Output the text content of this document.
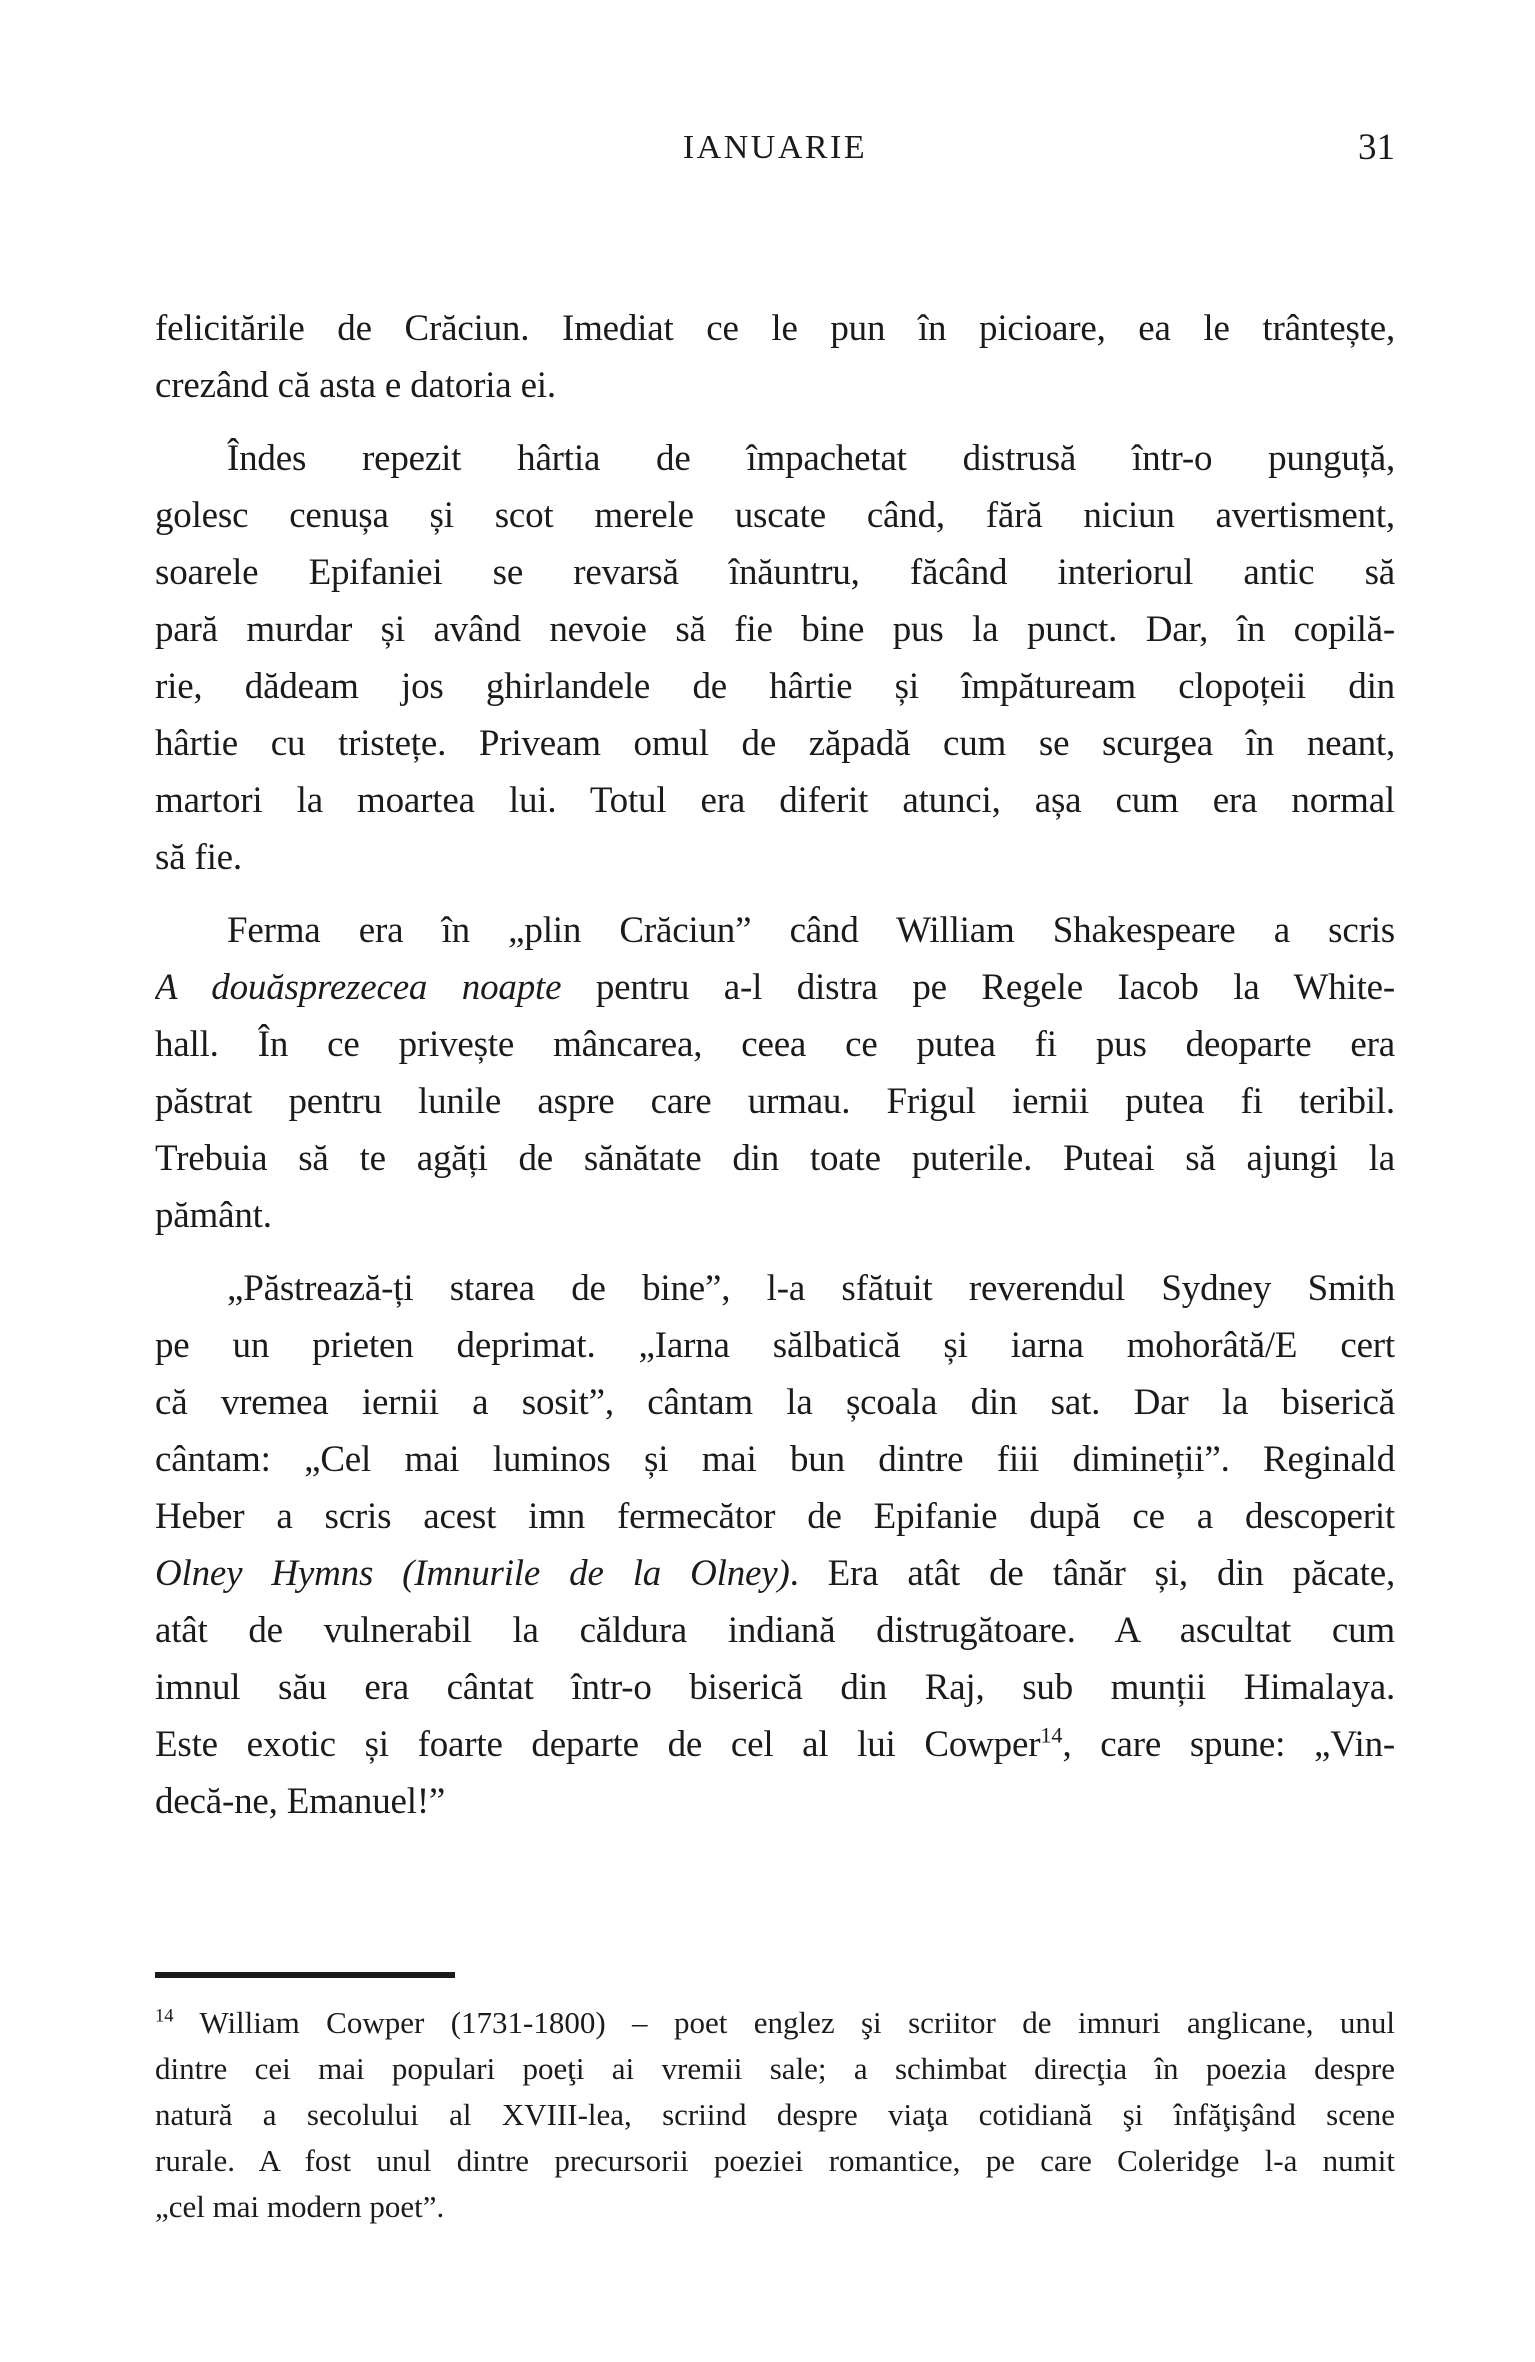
IANUARIE	31
felicitările de Crăciun. Imediat ce le pun în picioare, ea le trântește,
crezând că asta e datoria ei.
Îndes repezit hârtia de împachetat distrusă într-o punguță,
golesc cenușa și scot merele uscate când, fără niciun avertisment,
soarele Epifaniei se revarsă înăuntru, făcând interiorul antic să
pară murdar și având nevoie să fie bine pus la punct. Dar, în copilă-
rie, dădeam jos ghirlandele de hârtie și împătuream clopoțeii din
hârtie cu tristețe. Priveam omul de zăpadă cum se scurgea în neant,
martori la moartea lui. Totul era diferit atunci, așa cum era normal
să fie.
Ferma era în „plin Crăciun” când William Shakespeare a scris
A douăsprezecea noapte pentru a-l distra pe Regele Iacob la White-
hall. În ce privește mâncarea, ceea ce putea fi pus deoparte era
păstrat pentru lunile aspre care urmau. Frigul iernii putea fi teribil.
Trebuia să te agăți de sănătate din toate puterile. Puteai să ajungi la
pământ.
„Păstrează-ți starea de bine”, l-a sfătuit reverendul Sydney Smith
pe un prieten deprimat. „Iarna sălbatică și iarna mohorâtă/E cert
că vremea iernii a sosit”, cântam la școala din sat. Dar la biserică
cântam: „Cel mai luminos și mai bun dintre fiii dimineții”. Reginald
Heber a scris acest imn fermecător de Epifanie după ce a descoperit
Olney Hymns (Imnurile de la Olney). Era atât de tânăr și, din păcate,
atât de vulnerabil la căldura indiană distrugătoare. A ascultat cum
imnul său era cântat într-o biserică din Raj, sub munții Himalaya.
Este exotic și foarte departe de cel al lui Cowper$^{14}$, care spune: „Vin-
decă-ne, Emanuel!”
$^{14}$ William Cowper (1731-1800) – poet englez şi scriitor de imnuri anglicane, unul
dintre cei mai populari poeţi ai vremii sale; a schimbat direcţia în poezia despre
natură a secolului al XVIII-lea, scriind despre viaţa cotidiană şi înfăţişând scene
rurale. A fost unul dintre precursorii poeziei romantice, pe care Coleridge l-a numit
„cel mai modern poet”.
